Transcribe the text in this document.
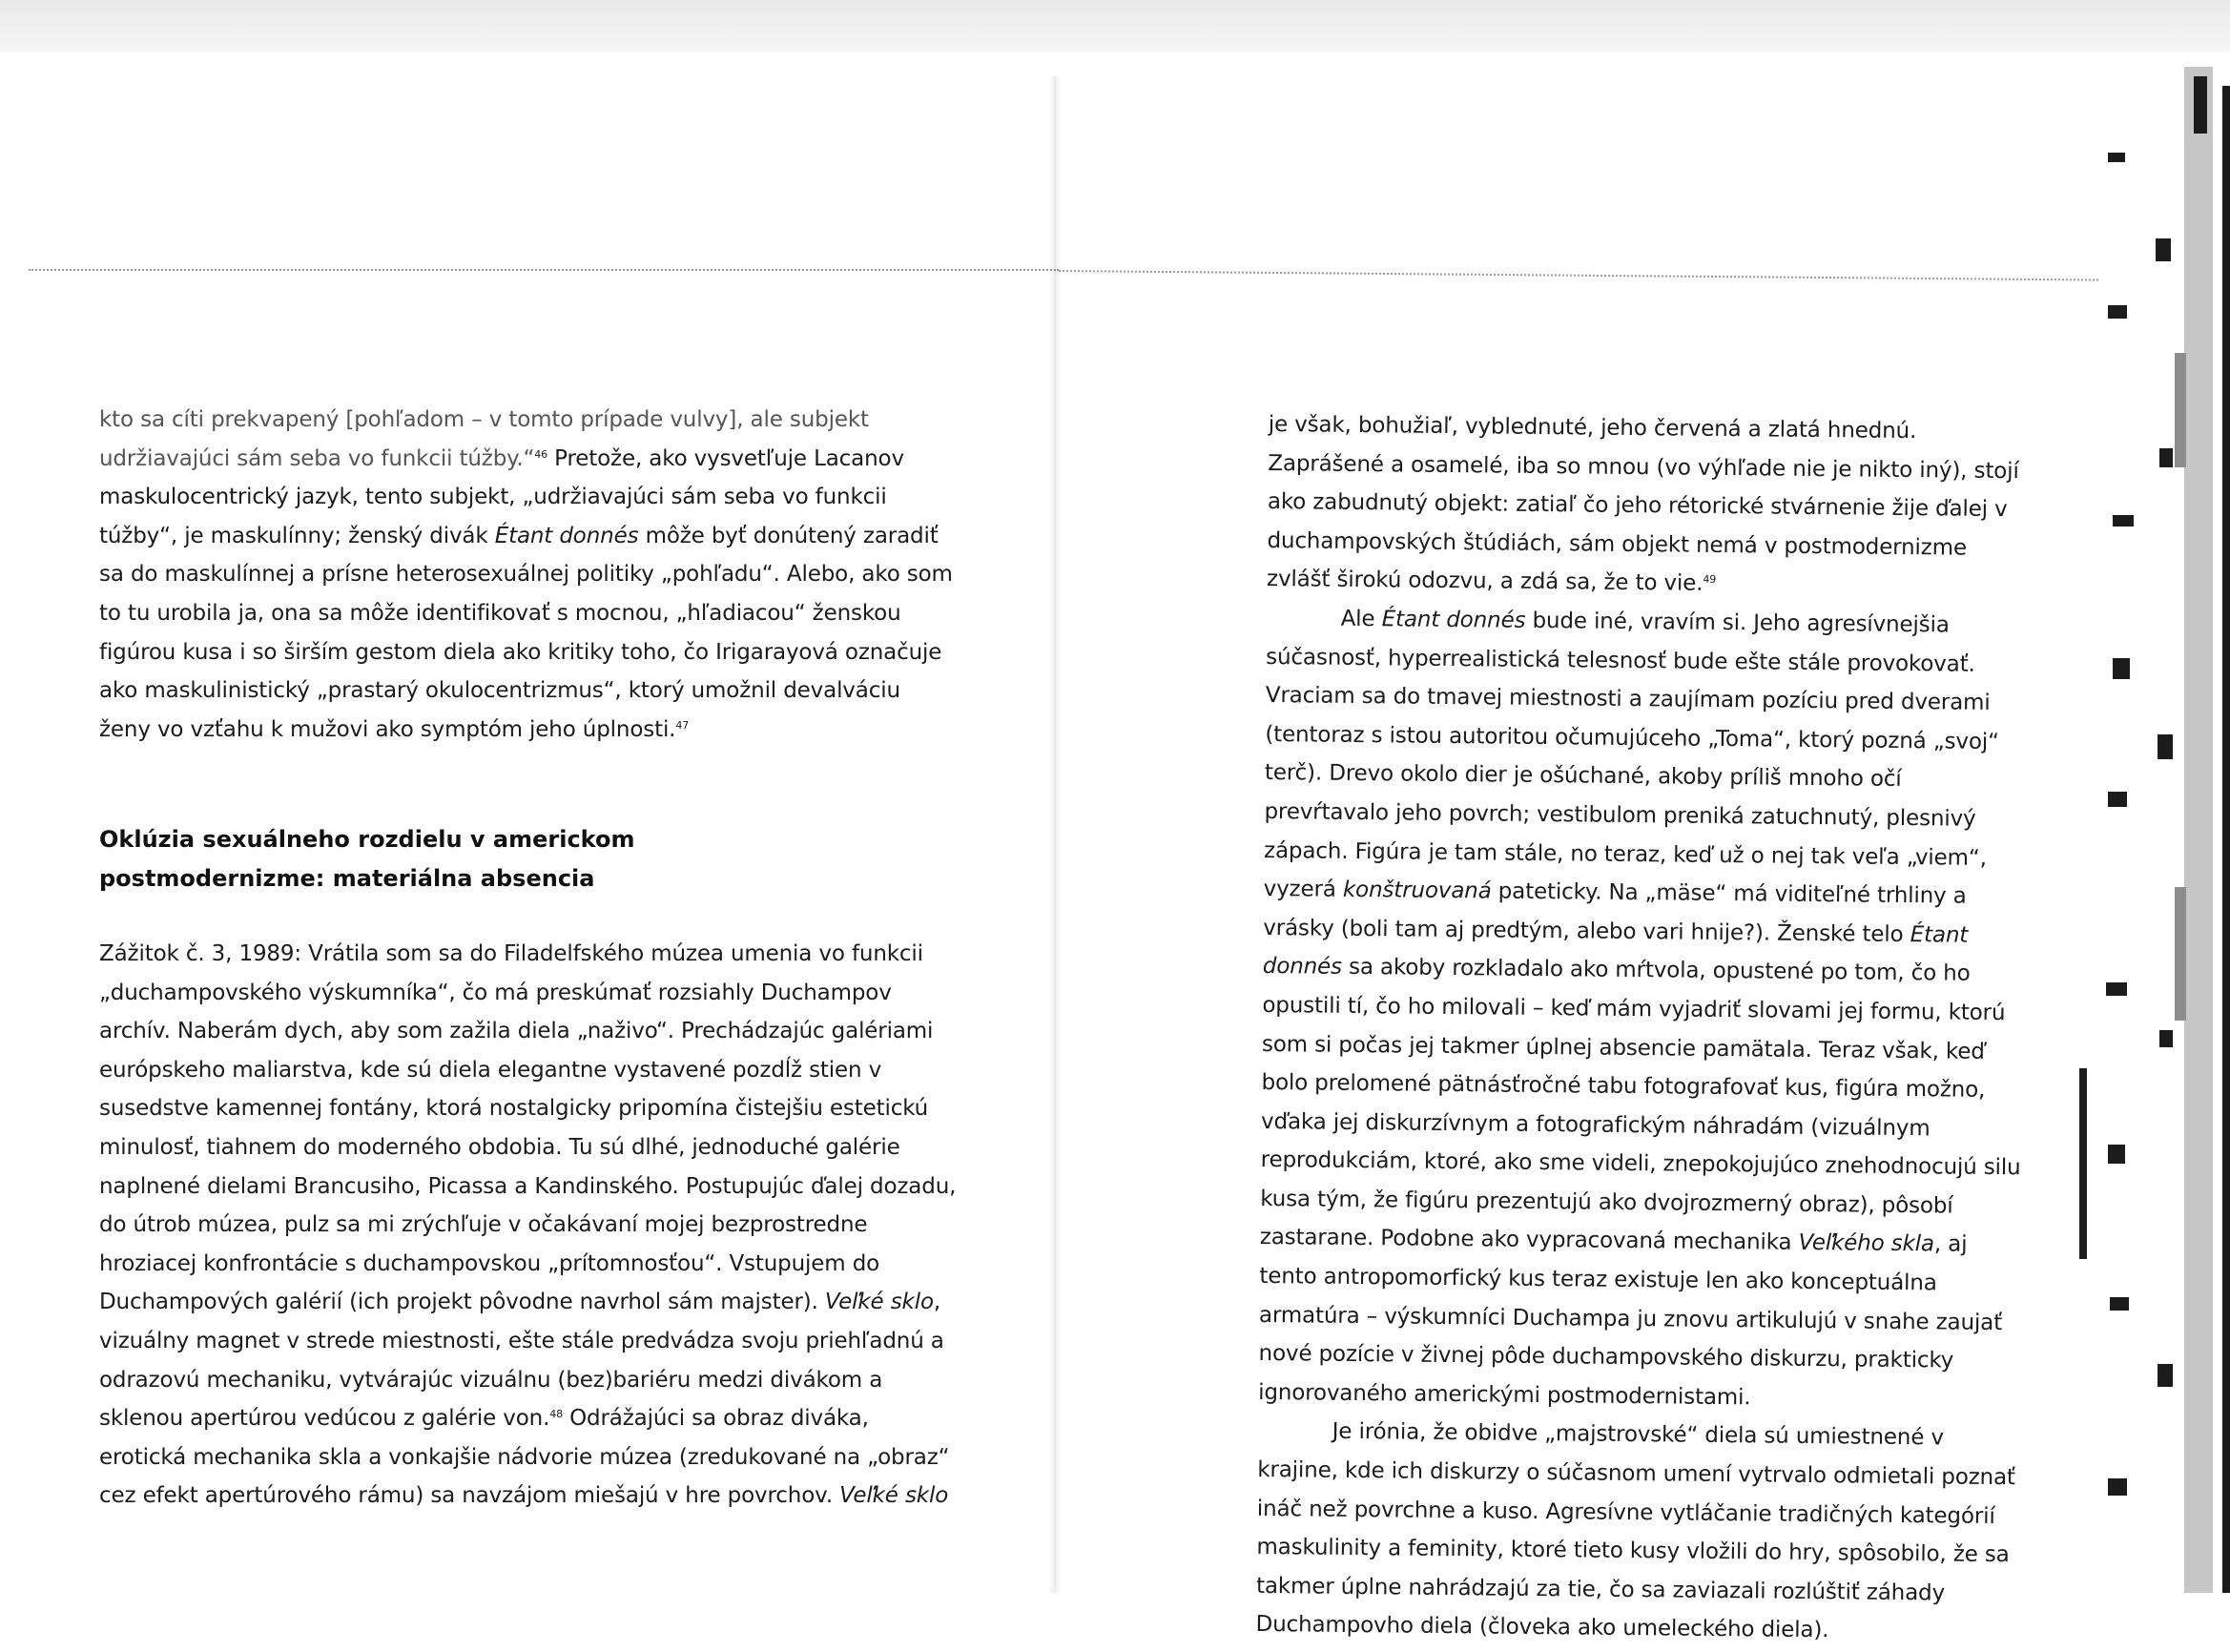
kto sa cíti prekvapený [pohľadom – v tomto prípade vulvy], ale subjekt udržiavajúci sám seba vo funkcii túžby.“$^{46}$ Pretože, ako vysvetľuje Lacanov maskulocentrický jazyk, tento subjekt, „udržiavajúci sám seba vo funkcii túžby“, je maskulínny; ženský divák Étant donnés môže byť donútený zaradiť sa do maskulínnej a prísne heterosexuálnej politiky „pohľadu“. Alebo, ako som to tu urobila ja, ona sa môže identifikovať s mocnou, „hľadiacou“ ženskou figúrou kusa i so širším gestom diela ako kritiky toho, čo Irigarayová označuje ako maskulinistický „prastarý okulocentrizmus“, ktorý umožnil devalváciu ženy vo vzťahu k mužovi ako symptóm jeho úplnosti.$^{47}$

Oklúzia sexuálneho rozdielu v americkom postmodernizme: materiálna absencia

Zážitok č. 3, 1989: Vrátila som sa do Filadelfského múzea umenia vo funkcii „duchampovského výskumníka“, čo má preskúmať rozsiahly Duchampov archív. Naberám dych, aby som zažila diela „naživo“. Prechádzajúc galériami európskeho maliarstva, kde sú diela elegantne vystavené pozdĺž stien v susedstve kamennej fontány, ktorá nostalgicky pripomína čistejšiu estetickú minulosť, tiahnem do moderného obdobia. Tu sú dlhé, jednoduché galérie naplnené dielami Brancusiho, Picassa a Kandinského. Postupujúc ďalej dozadu, do útrob múzea, pulz sa mi zrýchľuje v očakávaní mojej bezprostredne hroziacej konfrontácie s duchampovskou „prítomnosťou“. Vstupujem do Duchampových galérií (ich projekt pôvodne navrhol sám majster). Veľké sklo, vizuálny magnet v strede miestnosti, ešte stále predvádza svoju priehľadnú a odrazovú mechaniku, vytvárajúc vizuálnu (bez)bariéru medzi divákom a sklenou apertúrou vedúcou z galérie von.$^{48}$ Odrážajúci sa obraz diváka, erotická mechanika skla a vonkajšie nádvorie múzea (zredukované na „obraz“ cez efekt apertúrového rámu) sa navzájom miešajú v hre povrchov. Veľké sklo

je však, bohužiaľ, vyblednuté, jeho červená a zlatá hnednú. Zaprášené a osamelé, iba so mnou (vo výhľade nie je nikto iný), stojí ako zabudnutý objekt: zatiaľ čo jeho rétorické stvárnenie žije ďalej v duchampovských štúdiách, sám objekt nemá v postmodernizme zvlášť širokú odozvu, a zdá sa, že to vie.$^{49}$

Ale Étant donnés bude iné, vravím si. Jeho agresívnejšia súčasnosť, hyperrealistická telesnosť bude ešte stále provokovať. Vraciam sa do tmavej miestnosti a zaujímam pozíciu pred dverami (tentoraz s istou autoritou očumujúceho „Toma“, ktorý pozná „svoj“ terč). Drevo okolo dier je ošúchané, akoby príliš mnoho očí prevŕtavalo jeho povrch; vestibulom preniká zatuchnutý, plesnivý zápach. Figúra je tam stále, no teraz, keď už o nej tak veľa „viem“, vyzerá konštruovaná pateticky. Na „mäse“ má viditeľné trhliny a vrásky (boli tam aj predtým, alebo vari hnije?). Ženské telo Étant donnés sa akoby rozkladalo ako mŕtvola, opustené po tom, čo ho opustili tí, čo ho milovali – keď mám vyjadriť slovami jej formu, ktorú som si počas jej takmer úplnej absencie pamätala. Teraz však, keď bolo prelomené pätnásťročné tabu fotografovať kus, figúra možno, vďaka jej diskurzívnym a fotografickým náhradám (vizuálnym reprodukciám, ktoré, ako sme videli, znepokojujúco znehodnocujú silu kusa tým, že figúru prezentujú ako dvojrozmerný obraz), pôsobí zastarane. Podobne ako vypracovaná mechanika Veľkého skla, aj tento antropomorfický kus teraz existuje len ako konceptuálna armatúra – výskumníci Duchampa ju znovu artikulujú v snahe zaujať nové pozície v živnej pôde duchampovského diskurzu, prakticky ignorovaného americkými postmodernistami.

Je irónia, že obidve „majstrovské“ diela sú umiestnené v krajine, kde ich diskurzy o súčasnom umení vytrvalo odmietali poznať ináč než povrchne a kuso. Agresívne vytláčanie tradičných kategórií maskulinity a feminity, ktoré tieto kusy vložili do hry, spôsobilo, že sa takmer úplne nahrádzajú za tie, čo sa zaviazali rozlúštiť záhady Duchampovho diela (človeka ako umeleckého diela).
